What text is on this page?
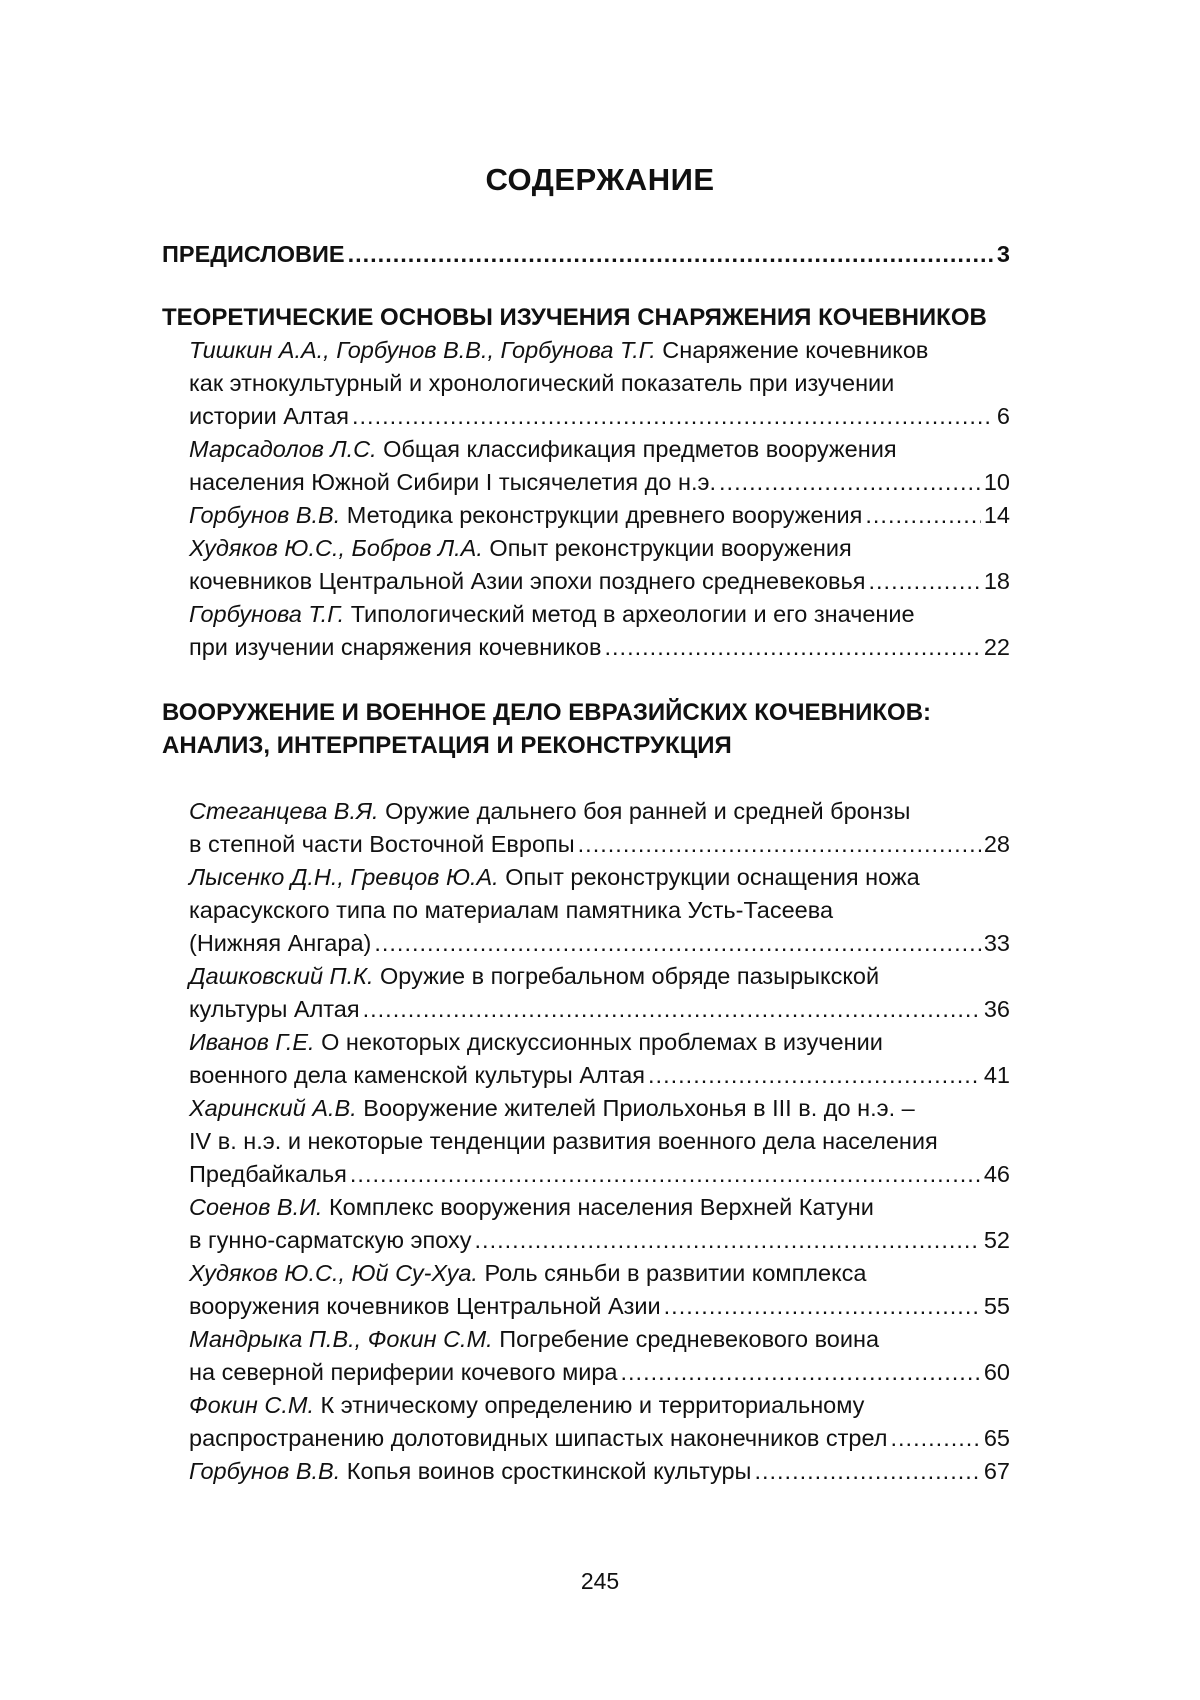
СОДЕРЖАНИЕ
ПРЕДИСЛОВИЕ .....	3
ТЕОРЕТИЧЕСКИЕ ОСНОВЫ ИЗУЧЕНИЯ СНАРЯЖЕНИЯ КОЧЕВНИКОВ
Тишкин А.А., Горбунов В.В., Горбунова Т.Г. Снаряжение кочевников
как этнокультурный и хронологический показатель при изучении
истории Алтая .....	6
Марсадолов Л.С. Общая классификация предметов вооружения
населения Южной Сибири I тысячелетия до н.э. .....	10
Горбунов В.В. Методика реконструкции древнего вооружения .....	14
Худяков Ю.С., Бобров Л.А. Опыт реконструкции вооружения
кочевников Центральной Азии эпохи позднего средневековья .....	18
Горбунова Т.Г. Типологический метод в археологии и его значение
при изучении снаряжения кочевников .....	22
ВООРУЖЕНИЕ И ВОЕННОЕ ДЕЛО ЕВРАЗИЙСКИХ КОЧЕВНИКОВ:
АНАЛИЗ, ИНТЕРПРЕТАЦИЯ И РЕКОНСТРУКЦИЯ
Стеганцева В.Я. Оружие дальнего боя ранней и средней бронзы
в степной части Восточной Европы .....	28
Лысенко Д.Н., Гревцов Ю.А. Опыт реконструкции оснащения ножа
карасукского типа по материалам памятника Усть-Тасеева
(Нижняя Ангара) .....	33
Дашковский П.К. Оружие в погребальном обряде пазырыкской
культуры Алтая .....	36
Иванов Г.Е. О некоторых дискуссионных проблемах в изучении
военного дела каменской культуры Алтая .....	41
Харинский А.В. Вооружение жителей Приольхонья в III в. до н.э. –
IV в. н.э. и некоторые тенденции развития военного дела населения
Предбайкалья .....	46
Соенов В.И. Комплекс вооружения населения Верхней Катуни
в гунно-сарматскую эпоху .....	52
Худяков Ю.С., Юй Су-Хуа. Роль сяньби в развитии комплекса
вооружения кочевников Центральной Азии .....	55
Мандрыка П.В., Фокин С.М. Погребение средневекового воина
на северной периферии кочевого мира .....	60
Фокин С.М. К этническому определению и территориальному
распространению долотовидных шипастых наконечников стрел .....	65
Горбунов В.В. Копья воинов сросткинской культуры .....	67
245
